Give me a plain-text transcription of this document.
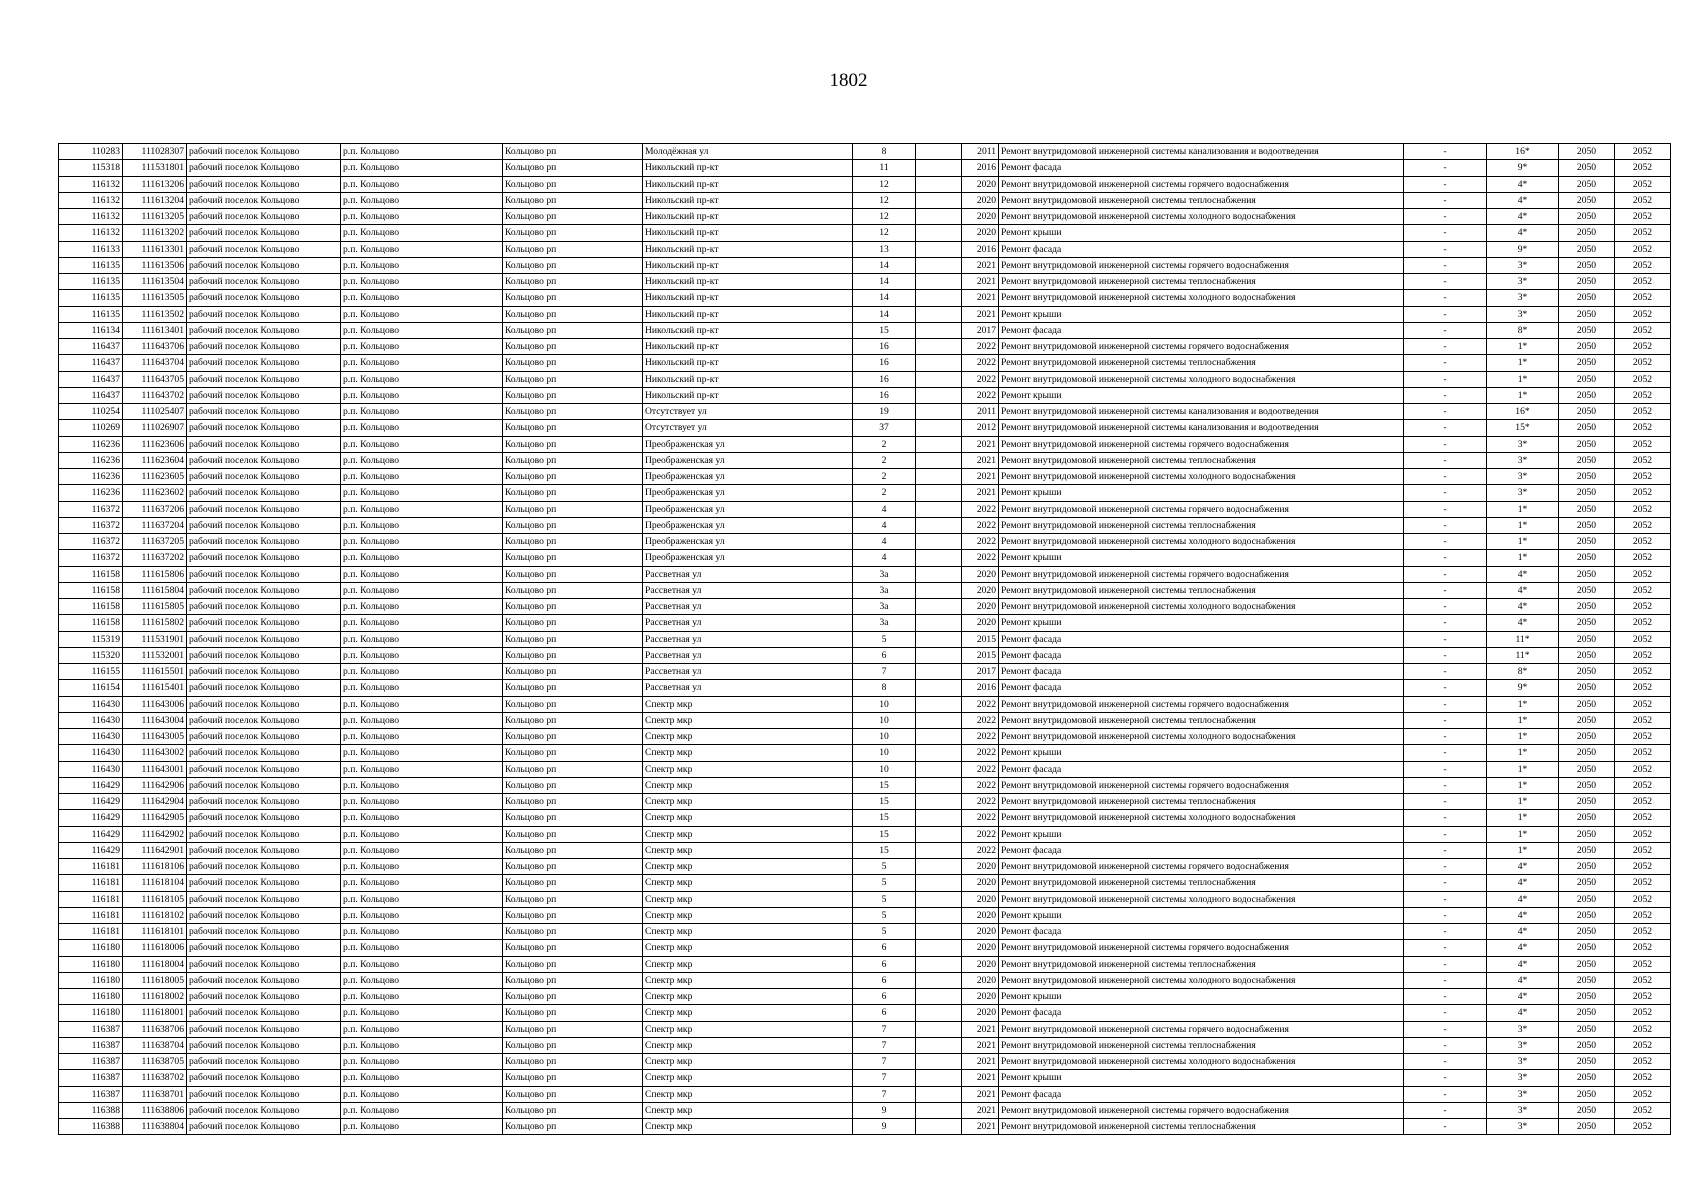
1802
110283	111028307	рабочий поселок Кольцово	р.п. Кольцово	Кольцово рп	Молодёжная ул	8		2011	Ремонт внутридомовой инженерной системы канализования и водоотведения	-	16*	2050	2052
115318	111531801	рабочий поселок Кольцово	р.п. Кольцово	Кольцово рп	Никольский пр-кт	11		2016	Ремонт фасада	-	9*	2050	2052
116132	111613206	рабочий поселок Кольцово	р.п. Кольцово	Кольцово рп	Никольский пр-кт	12		2020	Ремонт внутридомовой инженерной системы горячего водоснабжения	-	4*	2050	2052
116132	111613204	рабочий поселок Кольцово	р.п. Кольцово	Кольцово рп	Никольский пр-кт	12		2020	Ремонт внутридомовой инженерной системы теплоснабжения	-	4*	2050	2052
116132	111613205	рабочий поселок Кольцово	р.п. Кольцово	Кольцово рп	Никольский пр-кт	12		2020	Ремонт внутридомовой инженерной системы холодного водоснабжения	-	4*	2050	2052
116132	111613202	рабочий поселок Кольцово	р.п. Кольцово	Кольцово рп	Никольский пр-кт	12		2020	Ремонт крыши	-	4*	2050	2052
116133	111613301	рабочий поселок Кольцово	р.п. Кольцово	Кольцово рп	Никольский пр-кт	13		2016	Ремонт фасада	-	9*	2050	2052
116135	111613506	рабочий поселок Кольцово	р.п. Кольцово	Кольцово рп	Никольский пр-кт	14		2021	Ремонт внутридомовой инженерной системы горячего водоснабжения	-	3*	2050	2052
116135	111613504	рабочий поселок Кольцово	р.п. Кольцово	Кольцово рп	Никольский пр-кт	14		2021	Ремонт внутридомовой инженерной системы теплоснабжения	-	3*	2050	2052
116135	111613505	рабочий поселок Кольцово	р.п. Кольцово	Кольцово рп	Никольский пр-кт	14		2021	Ремонт внутридомовой инженерной системы холодного водоснабжения	-	3*	2050	2052
116135	111613502	рабочий поселок Кольцово	р.п. Кольцово	Кольцово рп	Никольский пр-кт	14		2021	Ремонт крыши	-	3*	2050	2052
116134	111613401	рабочий поселок Кольцово	р.п. Кольцово	Кольцово рп	Никольский пр-кт	15		2017	Ремонт фасада	-	8*	2050	2052
116437	111643706	рабочий поселок Кольцово	р.п. Кольцово	Кольцово рп	Никольский пр-кт	16		2022	Ремонт внутридомовой инженерной системы горячего водоснабжения	-	1*	2050	2052
116437	111643704	рабочий поселок Кольцово	р.п. Кольцово	Кольцово рп	Никольский пр-кт	16		2022	Ремонт внутридомовой инженерной системы теплоснабжения	-	1*	2050	2052
116437	111643705	рабочий поселок Кольцово	р.п. Кольцово	Кольцово рп	Никольский пр-кт	16		2022	Ремонт внутридомовой инженерной системы холодного водоснабжения	-	1*	2050	2052
116437	111643702	рабочий поселок Кольцово	р.п. Кольцово	Кольцово рп	Никольский пр-кт	16		2022	Ремонт крыши	-	1*	2050	2052
110254	111025407	рабочий поселок Кольцово	р.п. Кольцово	Кольцово рп	Отсутствует ул	19		2011	Ремонт внутридомовой инженерной системы канализования и водоотведения	-	16*	2050	2052
110269	111026907	рабочий поселок Кольцово	р.п. Кольцово	Кольцово рп	Отсутствует ул	37		2012	Ремонт внутридомовой инженерной системы канализования и водоотведения	-	15*	2050	2052
116236	111623606	рабочий поселок Кольцово	р.п. Кольцово	Кольцово рп	Преображенская ул	2		2021	Ремонт внутридомовой инженерной системы горячего водоснабжения	-	3*	2050	2052
116236	111623604	рабочий поселок Кольцово	р.п. Кольцово	Кольцово рп	Преображенская ул	2		2021	Ремонт внутридомовой инженерной системы теплоснабжения	-	3*	2050	2052
116236	111623605	рабочий поселок Кольцово	р.п. Кольцово	Кольцово рп	Преображенская ул	2		2021	Ремонт внутридомовой инженерной системы холодного водоснабжения	-	3*	2050	2052
116236	111623602	рабочий поселок Кольцово	р.п. Кольцово	Кольцово рп	Преображенская ул	2		2021	Ремонт крыши	-	3*	2050	2052
116372	111637206	рабочий поселок Кольцово	р.п. Кольцово	Кольцово рп	Преображенская ул	4		2022	Ремонт внутридомовой инженерной системы горячего водоснабжения	-	1*	2050	2052
116372	111637204	рабочий поселок Кольцово	р.п. Кольцово	Кольцово рп	Преображенская ул	4		2022	Ремонт внутридомовой инженерной системы теплоснабжения	-	1*	2050	2052
116372	111637205	рабочий поселок Кольцово	р.п. Кольцово	Кольцово рп	Преображенская ул	4		2022	Ремонт внутридомовой инженерной системы холодного водоснабжения	-	1*	2050	2052
116372	111637202	рабочий поселок Кольцово	р.п. Кольцово	Кольцово рп	Преображенская ул	4		2022	Ремонт крыши	-	1*	2050	2052
116158	111615806	рабочий поселок Кольцово	р.п. Кольцово	Кольцово рп	Рассветная ул	3а		2020	Ремонт внутридомовой инженерной системы горячего водоснабжения	-	4*	2050	2052
116158	111615804	рабочий поселок Кольцово	р.п. Кольцово	Кольцово рп	Рассветная ул	3а		2020	Ремонт внутридомовой инженерной системы теплоснабжения	-	4*	2050	2052
116158	111615805	рабочий поселок Кольцово	р.п. Кольцово	Кольцово рп	Рассветная ул	3а		2020	Ремонт внутридомовой инженерной системы холодного водоснабжения	-	4*	2050	2052
116158	111615802	рабочий поселок Кольцово	р.п. Кольцово	Кольцово рп	Рассветная ул	3а		2020	Ремонт крыши	-	4*	2050	2052
115319	111531901	рабочий поселок Кольцово	р.п. Кольцово	Кольцово рп	Рассветная ул	5		2015	Ремонт фасада	-	11*	2050	2052
115320	111532001	рабочий поселок Кольцово	р.п. Кольцово	Кольцово рп	Рассветная ул	6		2015	Ремонт фасада	-	11*	2050	2052
116155	111615501	рабочий поселок Кольцово	р.п. Кольцово	Кольцово рп	Рассветная ул	7		2017	Ремонт фасада	-	8*	2050	2052
116154	111615401	рабочий поселок Кольцово	р.п. Кольцово	Кольцово рп	Рассветная ул	8		2016	Ремонт фасада	-	9*	2050	2052
116430	111643006	рабочий поселок Кольцово	р.п. Кольцово	Кольцово рп	Спектр мкр	10		2022	Ремонт внутридомовой инженерной системы горячего водоснабжения	-	1*	2050	2052
116430	111643004	рабочий поселок Кольцово	р.п. Кольцово	Кольцово рп	Спектр мкр	10		2022	Ремонт внутридомовой инженерной системы теплоснабжения	-	1*	2050	2052
116430	111643005	рабочий поселок Кольцово	р.п. Кольцово	Кольцово рп	Спектр мкр	10		2022	Ремонт внутридомовой инженерной системы холодного водоснабжения	-	1*	2050	2052
116430	111643002	рабочий поселок Кольцово	р.п. Кольцово	Кольцово рп	Спектр мкр	10		2022	Ремонт крыши	-	1*	2050	2052
116430	111643001	рабочий поселок Кольцово	р.п. Кольцово	Кольцово рп	Спектр мкр	10		2022	Ремонт фасада	-	1*	2050	2052
116429	111642906	рабочий поселок Кольцово	р.п. Кольцово	Кольцово рп	Спектр мкр	15		2022	Ремонт внутридомовой инженерной системы горячего водоснабжения	-	1*	2050	2052
116429	111642904	рабочий поселок Кольцово	р.п. Кольцово	Кольцово рп	Спектр мкр	15		2022	Ремонт внутридомовой инженерной системы теплоснабжения	-	1*	2050	2052
116429	111642905	рабочий поселок Кольцово	р.п. Кольцово	Кольцово рп	Спектр мкр	15		2022	Ремонт внутридомовой инженерной системы холодного водоснабжения	-	1*	2050	2052
116429	111642902	рабочий поселок Кольцово	р.п. Кольцово	Кольцово рп	Спектр мкр	15		2022	Ремонт крыши	-	1*	2050	2052
116429	111642901	рабочий поселок Кольцово	р.п. Кольцово	Кольцово рп	Спектр мкр	15		2022	Ремонт фасада	-	1*	2050	2052
116181	111618106	рабочий поселок Кольцово	р.п. Кольцово	Кольцово рп	Спектр мкр	5		2020	Ремонт внутридомовой инженерной системы горячего водоснабжения	-	4*	2050	2052
116181	111618104	рабочий поселок Кольцово	р.п. Кольцово	Кольцово рп	Спектр мкр	5		2020	Ремонт внутридомовой инженерной системы теплоснабжения	-	4*	2050	2052
116181	111618105	рабочий поселок Кольцово	р.п. Кольцово	Кольцово рп	Спектр мкр	5		2020	Ремонт внутридомовой инженерной системы холодного водоснабжения	-	4*	2050	2052
116181	111618102	рабочий поселок Кольцово	р.п. Кольцово	Кольцово рп	Спектр мкр	5		2020	Ремонт крыши	-	4*	2050	2052
116181	111618101	рабочий поселок Кольцово	р.п. Кольцово	Кольцово рп	Спектр мкр	5		2020	Ремонт фасада	-	4*	2050	2052
116180	111618006	рабочий поселок Кольцово	р.п. Кольцово	Кольцово рп	Спектр мкр	6		2020	Ремонт внутридомовой инженерной системы горячего водоснабжения	-	4*	2050	2052
116180	111618004	рабочий поселок Кольцово	р.п. Кольцово	Кольцово рп	Спектр мкр	6		2020	Ремонт внутридомовой инженерной системы теплоснабжения	-	4*	2050	2052
116180	111618005	рабочий поселок Кольцово	р.п. Кольцово	Кольцово рп	Спектр мкр	6		2020	Ремонт внутридомовой инженерной системы холодного водоснабжения	-	4*	2050	2052
116180	111618002	рабочий поселок Кольцово	р.п. Кольцово	Кольцово рп	Спектр мкр	6		2020	Ремонт крыши	-	4*	2050	2052
116180	111618001	рабочий поселок Кольцово	р.п. Кольцово	Кольцово рп	Спектр мкр	6		2020	Ремонт фасада	-	4*	2050	2052
116387	111638706	рабочий поселок Кольцово	р.п. Кольцово	Кольцово рп	Спектр мкр	7		2021	Ремонт внутридомовой инженерной системы горячего водоснабжения	-	3*	2050	2052
116387	111638704	рабочий поселок Кольцово	р.п. Кольцово	Кольцово рп	Спектр мкр	7		2021	Ремонт внутридомовой инженерной системы теплоснабжения	-	3*	2050	2052
116387	111638705	рабочий поселок Кольцово	р.п. Кольцово	Кольцово рп	Спектр мкр	7		2021	Ремонт внутридомовой инженерной системы холодного водоснабжения	-	3*	2050	2052
116387	111638702	рабочий поселок Кольцово	р.п. Кольцово	Кольцово рп	Спектр мкр	7		2021	Ремонт крыши	-	3*	2050	2052
116387	111638701	рабочий поселок Кольцово	р.п. Кольцово	Кольцово рп	Спектр мкр	7		2021	Ремонт фасада	-	3*	2050	2052
116388	111638806	рабочий поселок Кольцово	р.п. Кольцово	Кольцово рп	Спектр мкр	9		2021	Ремонт внутридомовой инженерной системы горячего водоснабжения	-	3*	2050	2052
116388	111638804	рабочий поселок Кольцово	р.п. Кольцово	Кольцово рп	Спектр мкр	9		2021	Ремонт внутридомовой инженерной системы теплоснабжения	-	3*	2050	2052
